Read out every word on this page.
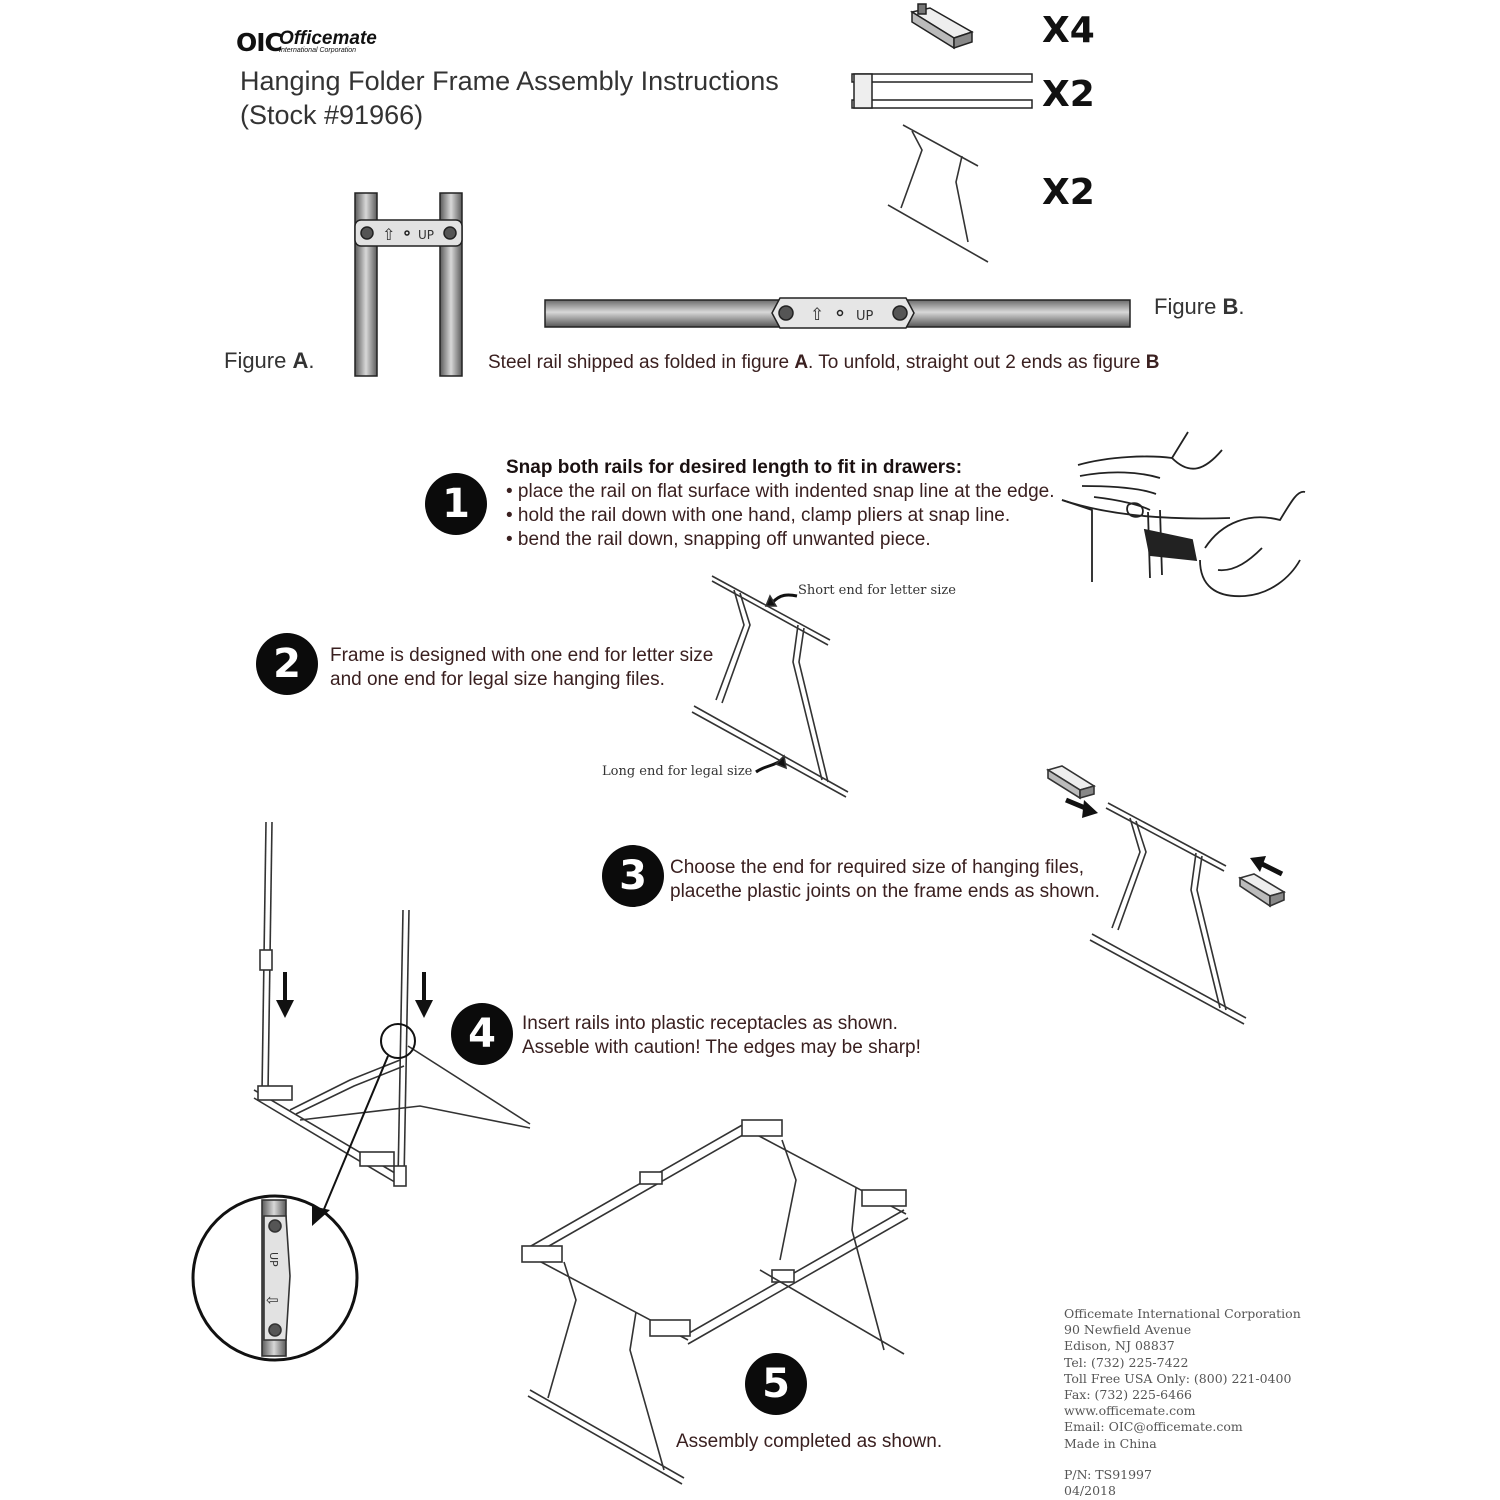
OIC
Officemate
International Corporation
Hanging Folder Frame Assembly Instructions
(Stock #91966)
X4
X2
X2
Figure A.
Figure B.
Steel rail shipped as folded in figure A. To unfold, straight out 2 ends as figure B
1
Snap both rails for desired length to fit in drawers:
• place the rail on flat surface with indented snap line at the edge.
• hold the rail down with one hand, clamp pliers at snap line.
• bend the rail down, snapping off unwanted piece.
2	Frame is designed with one end for letter size
and one end for legal size hanging files.
Short end for letter size
Long end for legal size
3	Choose the end for required size of hanging files,
placethe plastic joints on the frame ends as shown.
4	Insert rails into plastic receptacles as shown.
Asseble with caution! The edges may be sharp!
5
Assembly completed as shown.
Officemate International Corporation
90 Newfield Avenue
Edison, NJ 08837
Tel: (732) 225-7422
Toll Free USA Only: (800) 221-0400
Fax: (732) 225-6466
www.officemate.com
Email: OIC@officemate.com
Made in China
P/N: TS91997
04/2018
⇧ UP
⇧ UP
UP
⇦
